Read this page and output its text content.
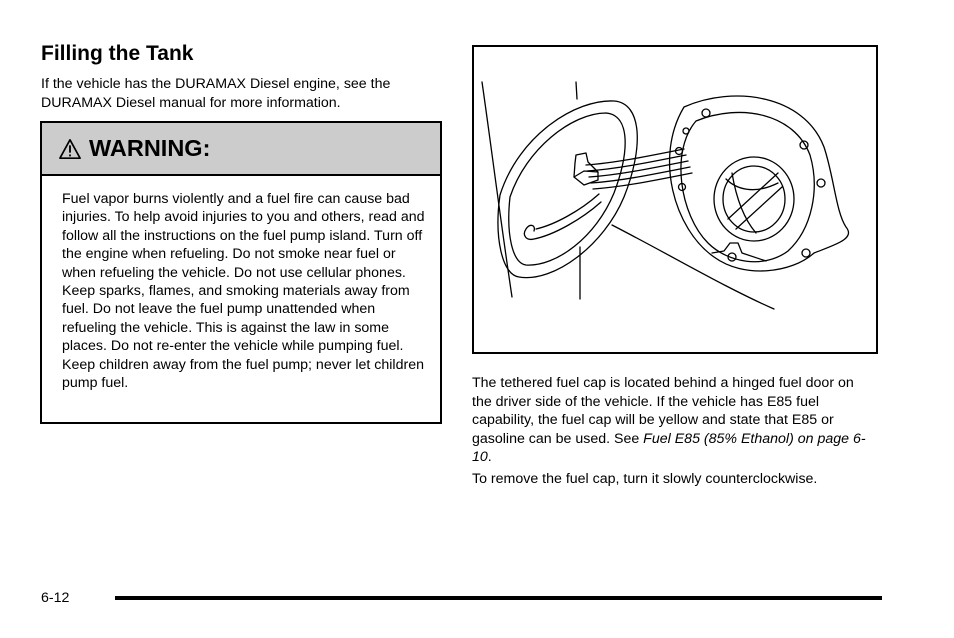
Filling the Tank

If the vehicle has the DURAMAX Diesel engine, see the DURAMAX Diesel manual for more information.

WARNING:

Fuel vapor burns violently and a fuel fire can cause bad injuries. To help avoid injuries to you and others, read and follow all the instructions on the fuel pump island. Turn off the engine when refueling. Do not smoke near fuel or when refueling the vehicle. Do not use cellular phones. Keep sparks, flames, and smoking materials away from fuel. Do not leave the fuel pump unattended when refueling the vehicle. This is against the law in some places. Do not re-enter the vehicle while pumping fuel. Keep children away from the fuel pump; never let children pump fuel.	The tethered fuel cap is located behind a hinged fuel door on the driver side of the vehicle. If the vehicle has E85 fuel capability, the fuel cap will be yellow and state that E85 or gasoline can be used. See Fuel E85 (85% Ethanol) on page 6-10.

To remove the fuel cap, turn it slowly counterclockwise.

6-12
